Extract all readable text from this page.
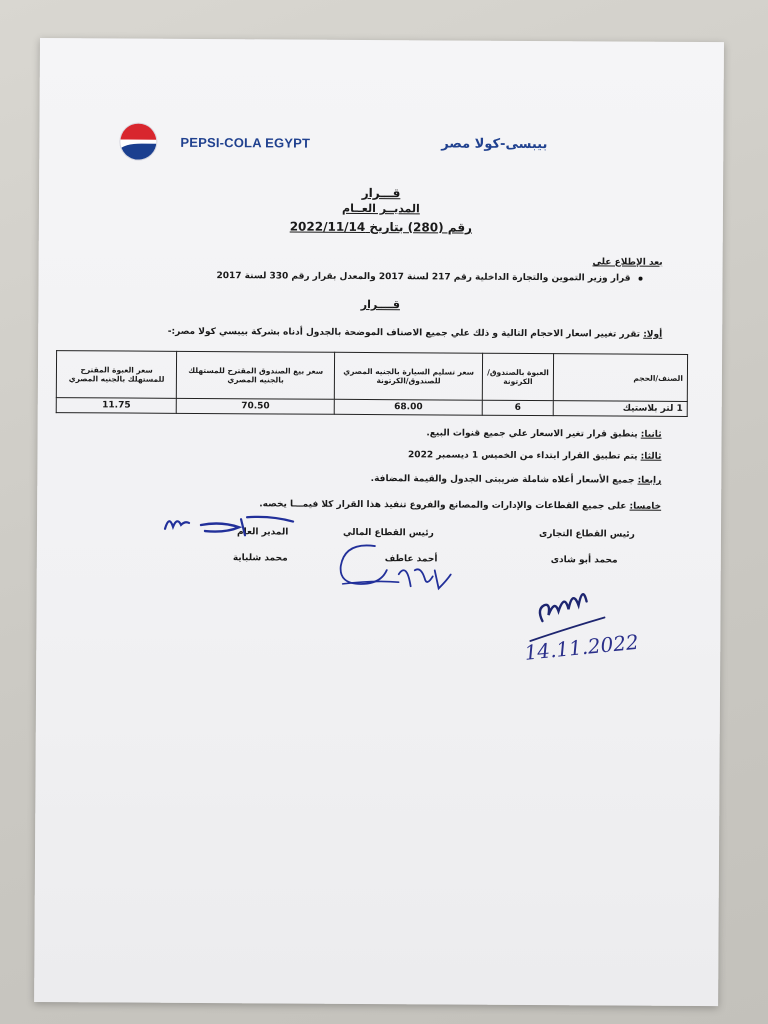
PEPSI-COLA EGYPT	بيبسى-كولا مصر
قـــرار
المديــر العــام
رقم (280) بتاريخ 2022/11/14
بعد الإطلاع على
قرار وزير التموين والتجارة الداخلية رقم 217 لسنة 2017 والمعدل بقرار رقم 330 لسنة 2017
قــــرار
أولا: تقرر تغيير اسعار الاحجام التالية و ذلك علي جميع الاصناف الموضحة بالجدول أدناه بشركة بيبسي كولا مصر:-
الصنف/الحجم	العبوة بالصندوق/ الكرتونة	سعر تسليم السيارة بالجنيه المصري للصندوق/الكرتونة	سعر بيع الصندوق المقترح للمستهلك بالجنيه المصري	سعر العبوة المقترح للمستهلك بالجنيه المصري
1 لتر بلاستيك	6	68.00	70.50	11.75
ثانيا: ينطبق قرار تغير الاسعار علي جميع قنوات البيع.
ثالثا: يتم تطبيق القرار ابتداء من الخميس 1 ديسمبر 2022
رابعا: جميع الأسعار أعلاه شاملة ضريبتى الجدول والقيمة المضافة.
خامسا: على جميع القطاعات والإدارات والمصانع والفروع تنفيذ هذا القرار كلا فيمـــا يخصه.
رئيس القطاع التجارى
رئيس القطاع المالي
المدير العام
محمد أبو شادى
أحمد عاطف
محمد شلباية
14.11.2022
